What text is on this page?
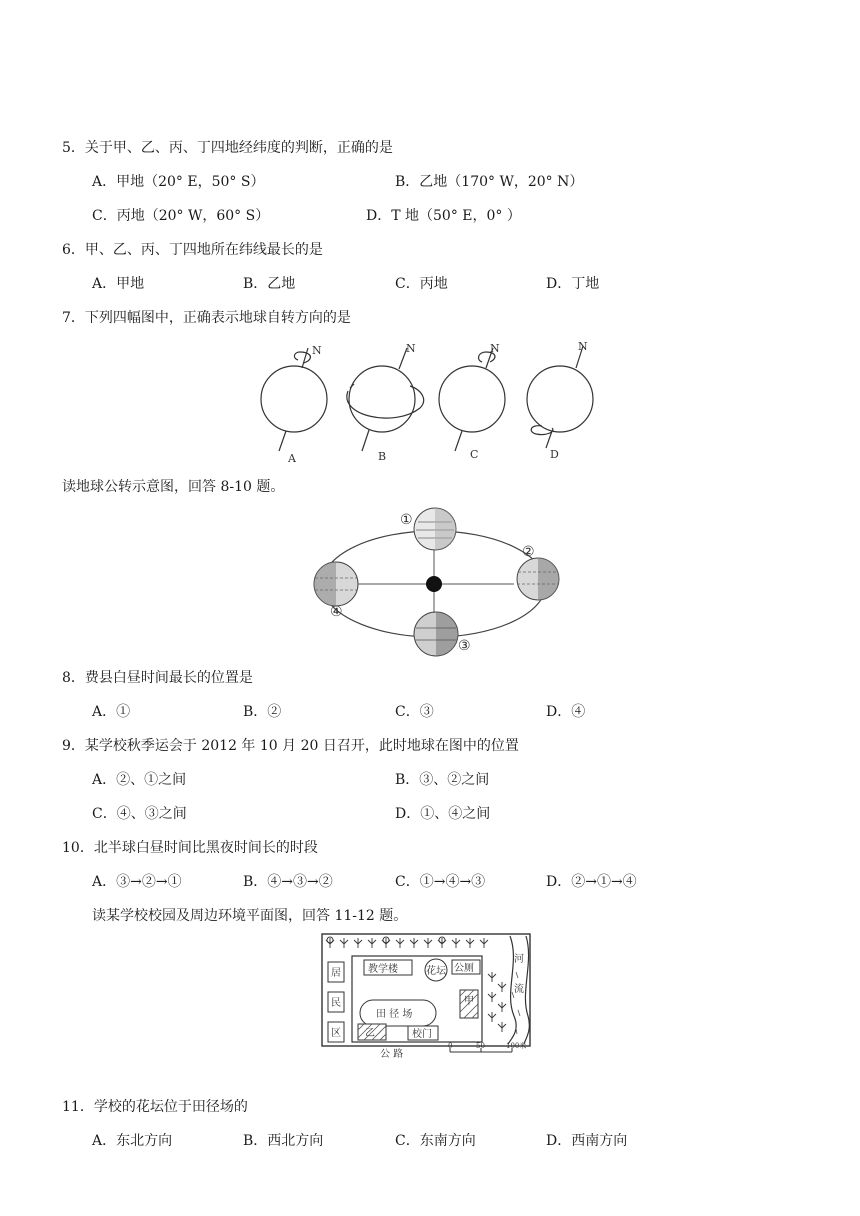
5．关于甲、乙、丙、丁四地经纬度的判断，正确的是
A．甲地（20° E，50° S）	B．乙地（170° W，20° N）
C．丙地（20° W，60° S）	D．T 地（50° E，0° ）
6．甲、乙、丙、丁四地所在纬线最长的是
A．甲地	B．乙地	C．丙地	D．丁地
7．下列四幅图中，正确表示地球自转方向的是
N	N	N	N
A	B	C	D
读地球公转示意图，回答 8-10 题。
①
②
③
④
8．费县白昼时间最长的位置是
A．①	B．②	C．③	D．④
9．某学校秋季运会于 2012 年 10 月 20 日召开，此时地球在图中的位置
A．②、①之间	B．③、②之间
C．④、③之间	D．①、④之间
10．北半球白昼时间比黑夜时间长的时段
A．③→②→①	B．④→③→②	C．①→④→③	D．②→①→④
读某学校校园及周边环境平面图，回答 11-12 题。
居
民
区
教学楼	花坛 公厕
田 径 场
甲
乙	校门
河
流
公 路
0	50	100米
11．学校的花坛位于田径场的
A．东北方向	B．西北方向	C．东南方向	D．西南方向
